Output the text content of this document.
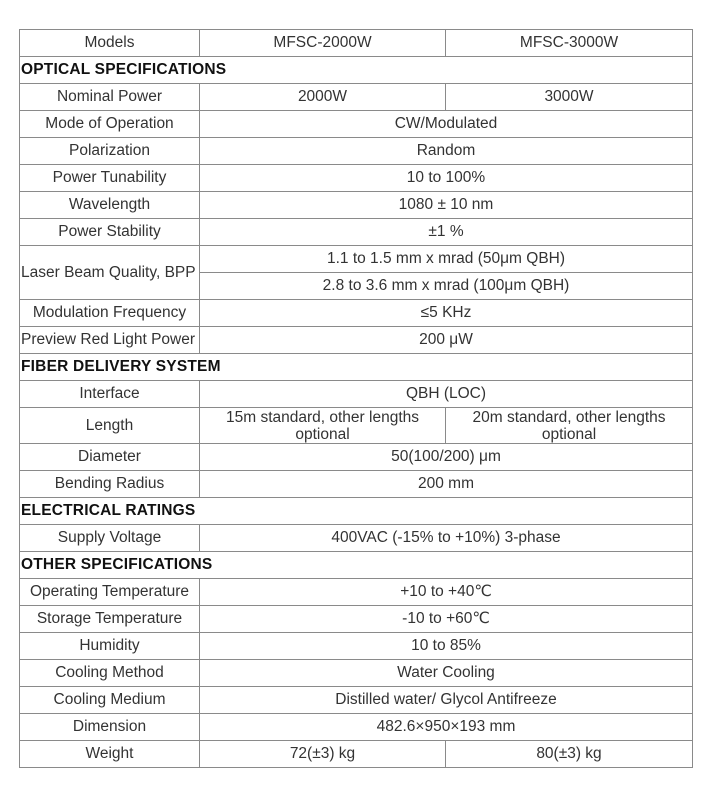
Models	MFSC-2000W	MFSC-3000W
OPTICAL SPECIFICATIONS		
Nominal Power	2000W	3000W
Mode of Operation	CW/Modulated	
Polarization	Random	
Power Tunability	10 to 100%	
Wavelength	1080 ± 10 nm	
Power Stability	±1 %	
Laser Beam Quality, BPP	1.1 to 1.5 mm x mrad (50μm QBH)	
	2.8 to 3.6 mm x mrad (100μm QBH)	
Modulation Frequency	≤5 KHz	
Preview Red Light Power	200 μW	
FIBER DELIVERY SYSTEM		
Interface	QBH (LOC)	
Length	15m standard, other lengths optional	20m standard, other lengths optional
Diameter	50(100/200) μm	
Bending Radius	200 mm	
ELECTRICAL RATINGS		
Supply Voltage	400VAC (-15% to +10%) 3-phase	
OTHER SPECIFICATIONS		
Operating Temperature	+10 to +40℃	
Storage Temperature	-10 to +60℃	
Humidity	10 to 85%	
Cooling Method	Water Cooling	
Cooling Medium	Distilled water/ Glycol Antifreeze	
Dimension	482.6×950×193 mm	
Weight	72(±3) kg	80(±3) kg
